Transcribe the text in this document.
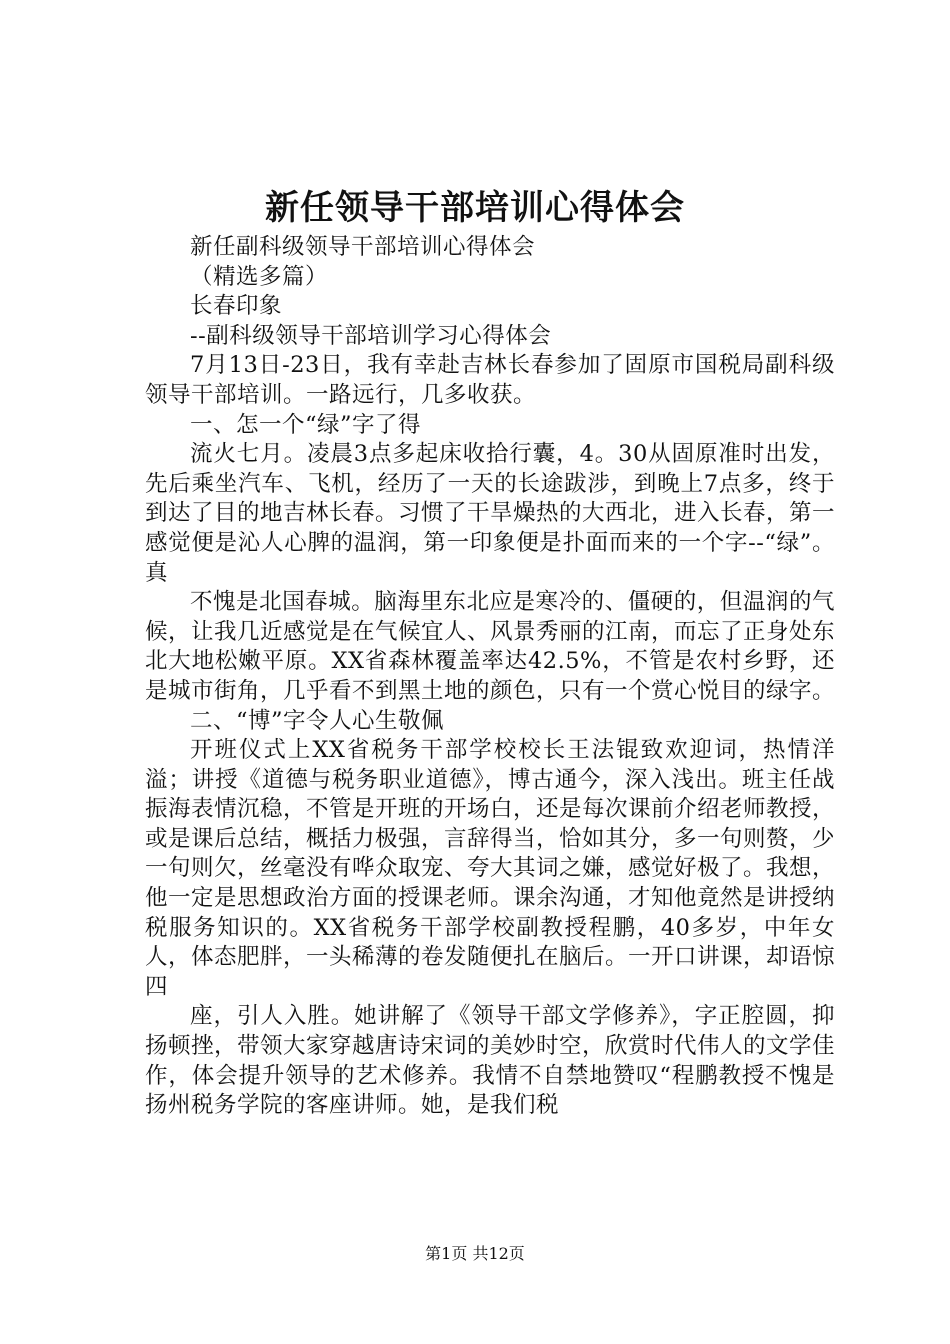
新任领导干部培训心得体会

新任副科级领导干部培训心得体会

（精选多篇）

长春印象

--副科级领导干部培训学习心得体会

7月13日-23日，我有幸赴吉林长春参加了固原市国税局副科级领导干部培训。一路远行，几多收获。

一、怎一个“绿”字了得

流火七月。凌晨3点多起床收拾行囊，4。30从固原准时出发，先后乘坐汽车、飞机，经历了一天的长途跋涉，到晚上7点多，终于到达了目的地吉林长春。习惯了干旱燥热的大西北，进入长春，第一感觉便是沁人心脾的温润，第一印象便是扑面而来的一个字--“绿”。真

不愧是北国春城。脑海里东北应是寒冷的、僵硬的，但温润的气候，让我几近感觉是在气候宜人、风景秀丽的江南，而忘了正身处东北大地松嫩平原。XX省森林覆盖率达42.5%，不管是农村乡野，还是城市街角，几乎看不到黑土地的颜色，只有一个赏心悦目的绿字。

二、“博”字令人心生敬佩

开班仪式上XX省税务干部学校校长王法锟致欢迎词，热情洋溢；讲授《道德与税务职业道德》，博古通今，深入浅出。班主任战振海表情沉稳，不管是开班的开场白，还是每次课前介绍老师教授，或是课后总结，概括力极强，言辞得当，恰如其分，多一句则赘，少一句则欠，丝毫没有哗众取宠、夸大其词之嫌，感觉好极了。我想，他一定是思想政治方面的授课老师。课余沟通，才知他竟然是讲授纳税服务知识的。XX省税务干部学校副教授程鹏，40多岁，中年女人，体态肥胖，一头稀薄的卷发随便扎在脑后。一开口讲课，却语惊四

座，引人入胜。她讲解了《领导干部文学修养》，字正腔圆，抑扬顿挫，带领大家穿越唐诗宋词的美妙时空，欣赏时代伟人的文学佳作，体会提升领导的艺术修养。我情不自禁地赞叹“程鹏教授不愧是扬州税务学院的客座讲师。她，是我们税

第1页 共12页
